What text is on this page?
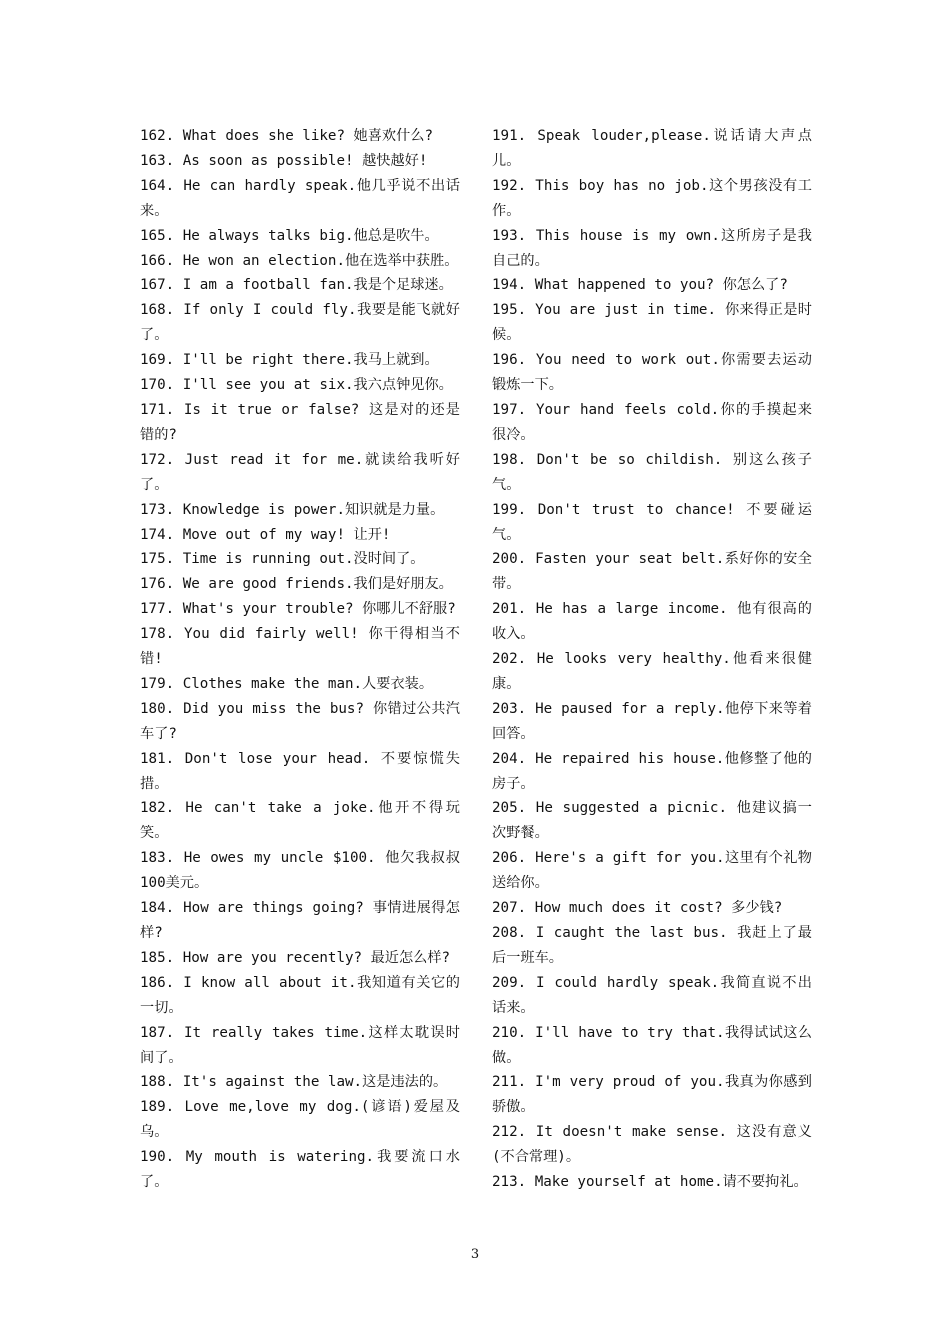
162. What does she like? 她喜欢什么?

163. As soon as possible! 越快越好!

164. He can hardly speak.他几乎说不出话来。

165. He always talks big.他总是吹牛。

166. He won an election.他在选举中获胜。

167. I am a football fan.我是个足球迷。

168. If only I could fly.我要是能飞就好了。

169. I'll be right there.我马上就到。

170. I'll see you at six.我六点钟见你。

171. Is it true or false? 这是对的还是错的?

172. Just read it for me.就读给我听好了。

173. Knowledge is power.知识就是力量。

174. Move out of my way! 让开!

175. Time is running out.没时间了。

176. We are good friends.我们是好朋友。

177. What's your trouble? 你哪儿不舒服?

178. You did fairly well! 你干得相当不错!

179. Clothes make the man.人要衣装。

180. Did you miss the bus? 你错过公共汽车了?

181. Don't lose your head. 不要惊慌失措。

182. He can't take a joke.他开不得玩笑。

183. He owes my uncle $100. 他欠我叔叔100美元。

184. How are things going? 事情进展得怎样?

185. How are you recently? 最近怎么样?

186. I know all about it.我知道有关它的一切。

187. It really takes time.这样太耽误时间了。

188. It's against the law.这是违法的。

189. Love me,love my dog.(谚语)爱屋及乌。

190. My mouth is watering.我要流口水了。

191. Speak louder,please.说话请大声点儿。

192. This boy has no job.这个男孩没有工作。

193. This house is my own.这所房子是我自己的。

194. What happened to you? 你怎么了?

195. You are just in time. 你来得正是时候。

196. You need to work out.你需要去运动锻炼一下。

197. Your hand feels cold.你的手摸起来很冷。

198. Don't be so childish. 别这么孩子气。

199. Don't trust to chance! 不要碰运气。

200. Fasten your seat belt.系好你的安全带。

201. He has a large income. 他有很高的收入。

202. He looks very healthy.他看来很健康。

203. He paused for a reply.他停下来等着回答。

204. He repaired his house.他修整了他的房子。

205. He suggested a picnic. 他建议搞一次野餐。

206. Here's a gift for you.这里有个礼物送给你。

207. How much does it cost? 多少钱?

208. I caught the last bus. 我赶上了最后一班车。

209. I could hardly speak.我简直说不出话来。

210. I'll have to try that.我得试试这么做。

211. I'm very proud of you.我真为你感到骄傲。

212. It doesn't make sense. 这没有意义(不合常理)。

213. Make yourself at home.请不要拘礼。

3
